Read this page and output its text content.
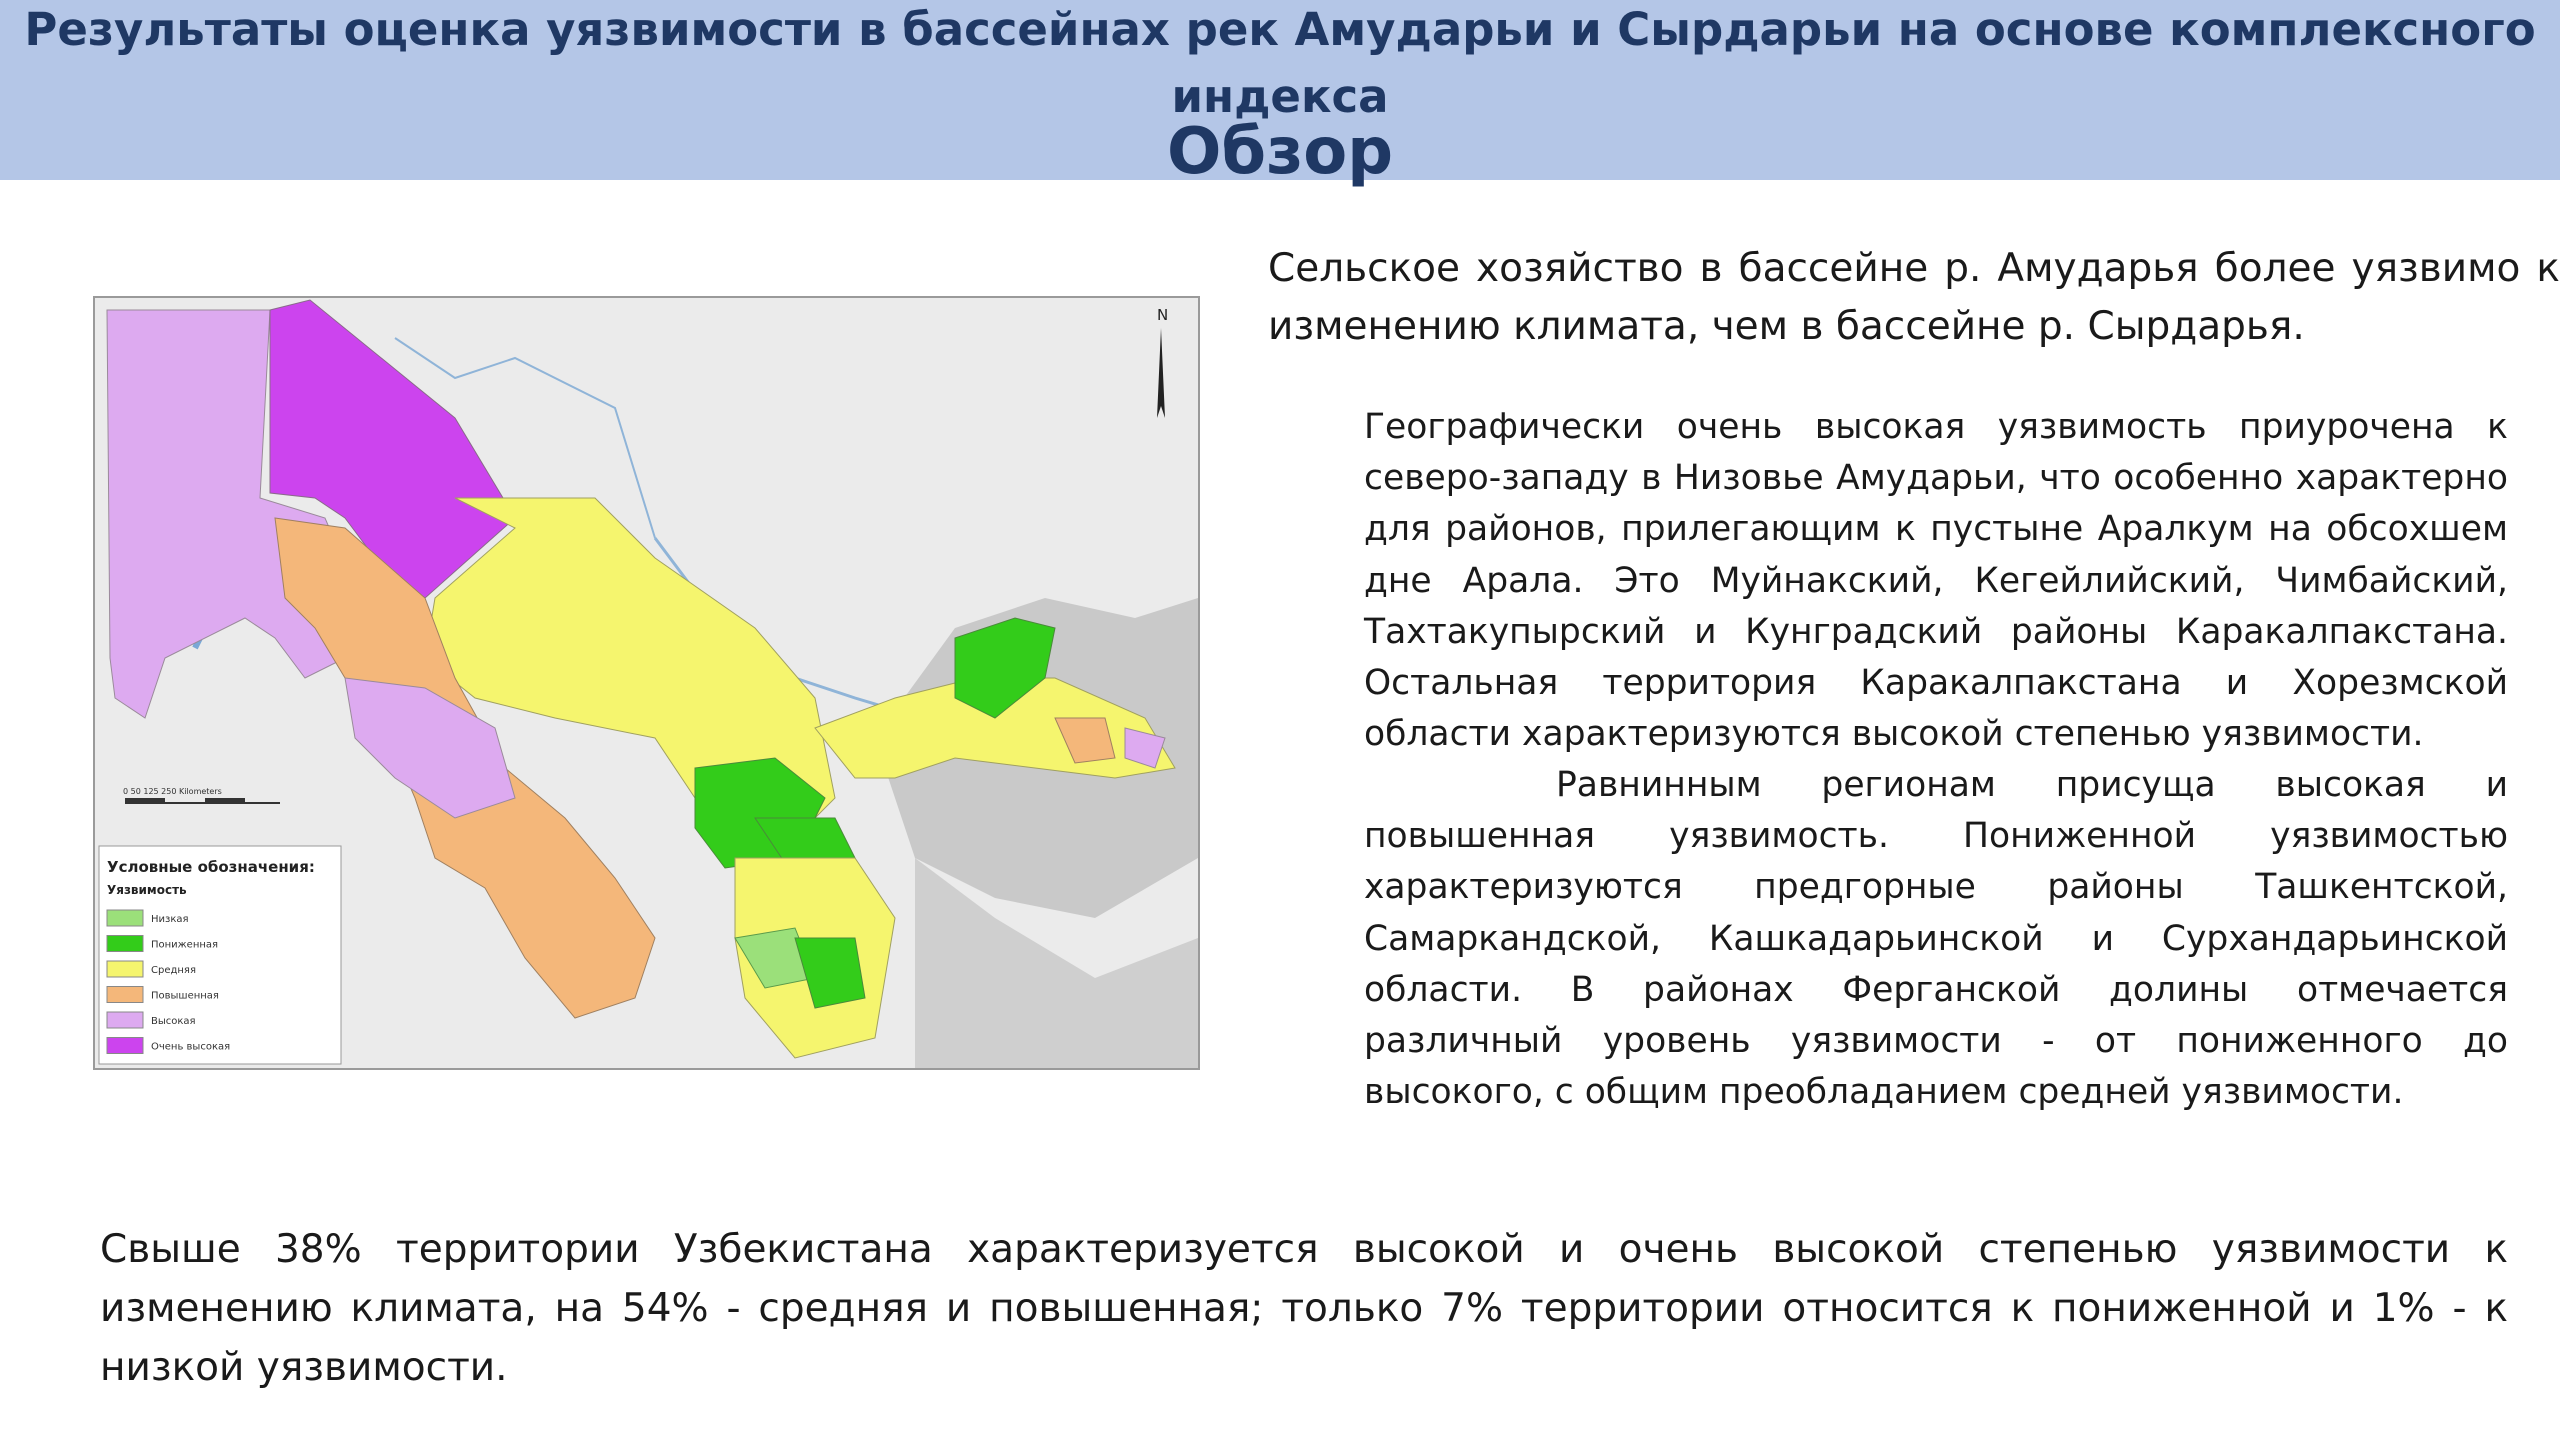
Результаты оценка уязвимости в бассейнах рек Амударьи и Сырдарьи на основе комплексного индекса
Обзор
N
0 50 125 250 Kilometers
Условные обозначения:
Уязвимость
Низкая
Пониженная
Средняя
Повышенная
Высокая
Очень высокая
Сельское хозяйство в бассейне р. Амударья более уязвимо к изменению климата, чем в бассейне р. Сырдарья.
Географически очень высокая уязвимость приурочена к северо-западу в Низовье Амударьи, что особенно характерно для районов, прилегающим к пустыне Аралкум на обсохшем дне Арала. Это Муйнакский, Кегейлийский, Чимбайский, Тахтакупырский и Кунградский районы Каракалпакстана. Остальная территория Каракалпакстана и Хорезмской области характеризуются высокой степенью уязвимости.
Равнинным регионам присуща высокая и повышенная уязвимость. Пониженной уязвимостью характеризуются предгорные районы Ташкентской, Самаркандской, Кашкадарьинской и Сурхандарьинской области. В районах Ферганской долины отмечается различный уровень уязвимости - от пониженного до высокого, с общим преобладанием средней уязвимости.
Свыше 38% территории Узбекистана характеризуется высокой и очень высокой степенью уязвимости к изменению климата, на 54% - средняя и повышенная; только 7% территории относится к пониженной и 1% - к низкой уязвимости.
